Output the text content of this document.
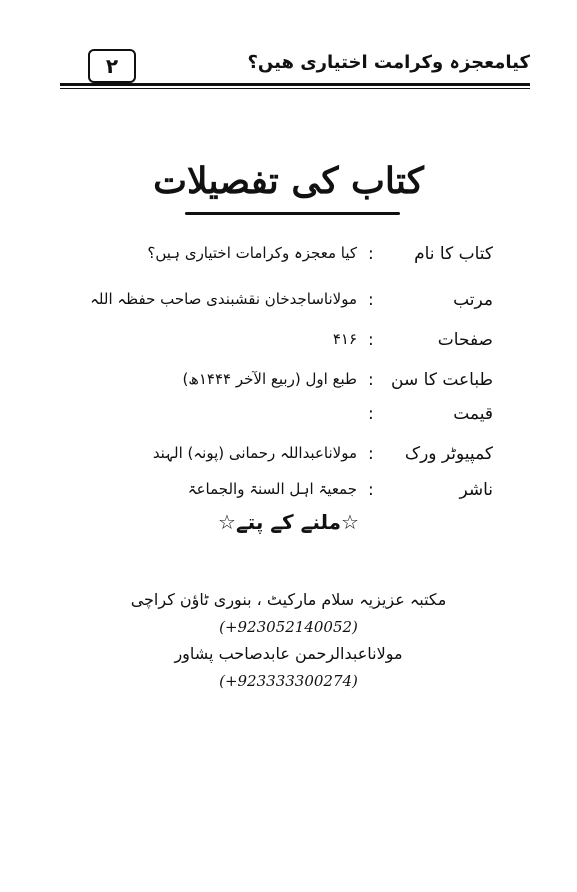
۲	کیامعجزہ وکرامت اختیاری ھیں؟
کتاب کی تفصیلات
کتاب کا نام
:
کیا معجزہ وکرامات اختیاری ہیں؟
مرتب
:
مولاناساجدخان نقشبندی صاحب حفظہ اللہ
صفحات
:
۴۱۶
طباعت کا سن
:
طبع اول (ربیع الآخر ۱۴۴۴ھ)
قیمت
:
کمپیوٹر ورک
:
مولاناعبداللہ رحمانی (پونہ) الہند
ناشر
:
جمعیۃ اہل السنۃ والجماعۃ
☆ملنے کے پتے☆
مکتبہ عزیزیہ سلام مارکیٹ ، بنوری ٹاؤن کراچی
(+923052140052)
مولاناعبدالرحمن عابدصاحب پشاور
(+923333300274)
